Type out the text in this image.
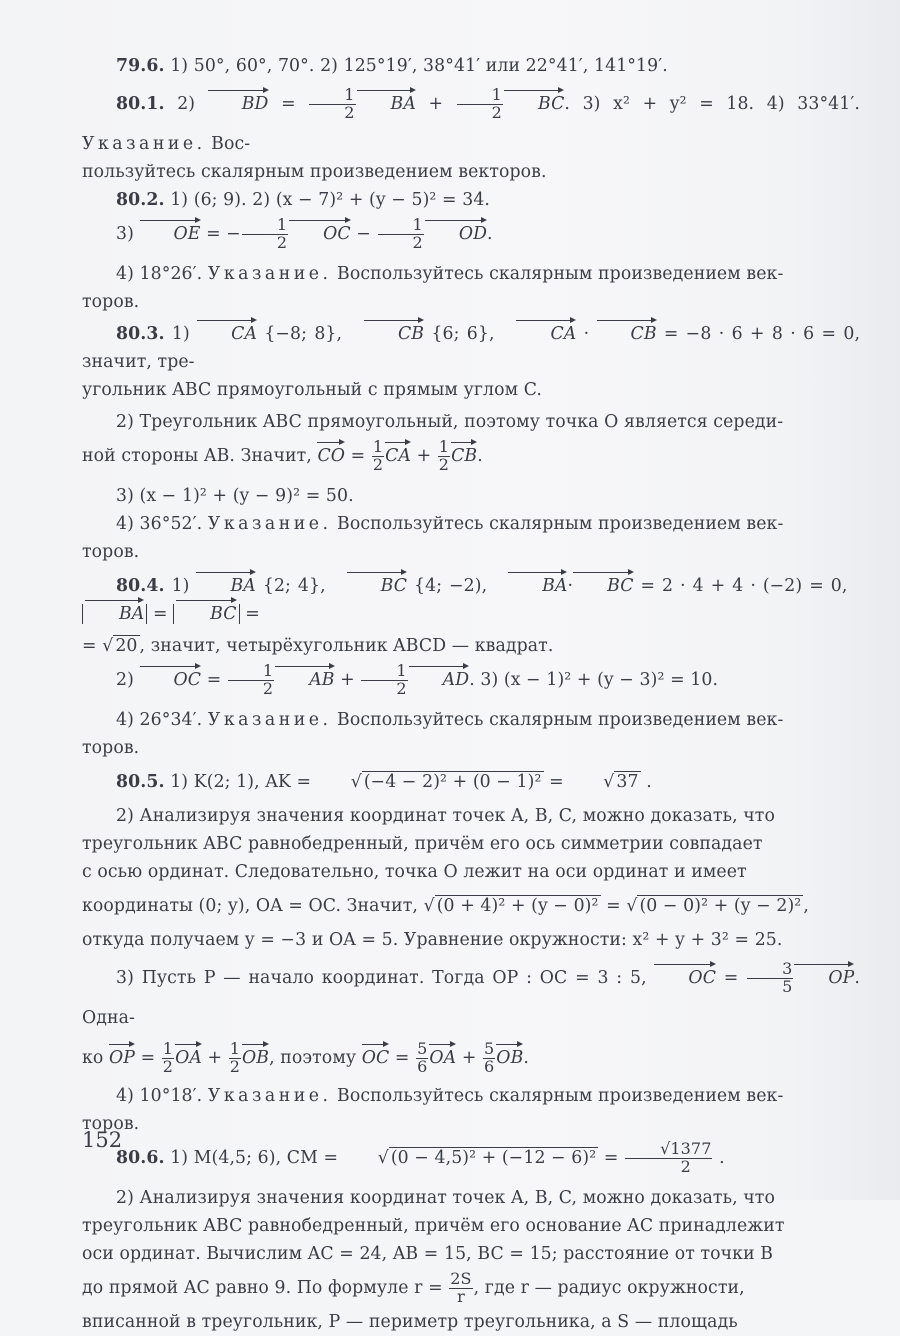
79.6. 1) 50°, 60°, 70°. 2) 125°19′, 38°41′ или 22°41′, 141°19′.

80.1. 2)	BD = $\frac{1}{2}$ BA + $\frac{1}{2}$ BC. 3) x² + y² = 18. 4) 33°41′. Указание. Вос-

пользуйтесь скалярным произведением векторов.

80.2. 1) (6; 9). 2) (x − 7)² + (y − 5)² = 34.

3) OE = − $\frac{1}{2}$ OC − $\frac{1}{2}$ OD.

4) 18°26′. Указание. Воспользуйтесь скалярным произведением век-

торов.

80.3. 1) CA {−8; 8},	CB {6; 6},	CA · CB = −8 · 6 + 8 · 6 = 0, значит, тре-

угольник ABC прямоугольный с прямым углом C.

2) Треугольник ABC прямоугольный, поэтому точка O является середи-

ной стороны AB. Значит, CO = $\frac{1}{2}$ CA + $\frac{1}{2}$ CB.

3) (x − 1)² + (y − 9)² = 50.

4) 36°52′. Указание. Воспользуйтесь скалярным произведением век-

торов.

80.4. 1) BA {2; 4},	BC {4; −2),	BA· BC = 2 · 4 + 4 · (−2) = 0,   BA = BC =

= √ 20 , значит, четырёхугольник ABCD — квадрат.

2) OC = $\frac{1}{2}$ AB + $\frac{1}{2}$ AD. 3) (x − 1)² + (y − 3)² = 10.

4) 26°34′. Указание. Воспользуйтесь скалярным произведением век-

торов.

80.5. 1) K(2; 1), AK = √ (−4 − 2)² + (0 − 1)² = √ 37 .

2) Анализируя значения координат точек A, B, C, можно доказать, что

треугольник ABC равнобедренный, причём его ось симметрии совпадает

с осью ординат. Следовательно, точка O лежит на оси ординат и имеет

координаты (0; y), OA = OC. Значит, √ (0 + 4)² + (y − 0)² = √ (0 − 0)² + (y − 2)² ,

откуда получаем y = −3 и OA = 5. Уравнение окружности: x² + y + 3² = 25.

3) Пусть P — начало координат. Тогда OP : OC = 3 : 5, OC = $\frac{3}{5}$ OP. Одна-

ко OP = $\frac{1}{2}$ OA + $\frac{1}{2}$ OB, поэтому OC = $\frac{5}{6}$ OA + $\frac{5}{6}$ OB.

4) 10°18′. Указание. Воспользуйтесь скалярным произведением век-

торов.

80.6. 1) M(4,5; 6), CM = √ $(0 - 4,5)^2 + (-12 - 6)^2 = \frac{√1377}{2}$ .

2) Анализируя значения координат точек A, B, C, можно доказать, что

треугольник ABC равнобедренный, причём его основание AC принадлежит

оси ординат. Вычислим AC = 24, AB = 15, BC = 15; расстояние от точки B

до прямой AC равно 9. По формуле $r = \frac{2S}{r}$ , где r — радиус окружности,

вписанной в треугольник, P — периметр треугольника, а S — площадь

152
